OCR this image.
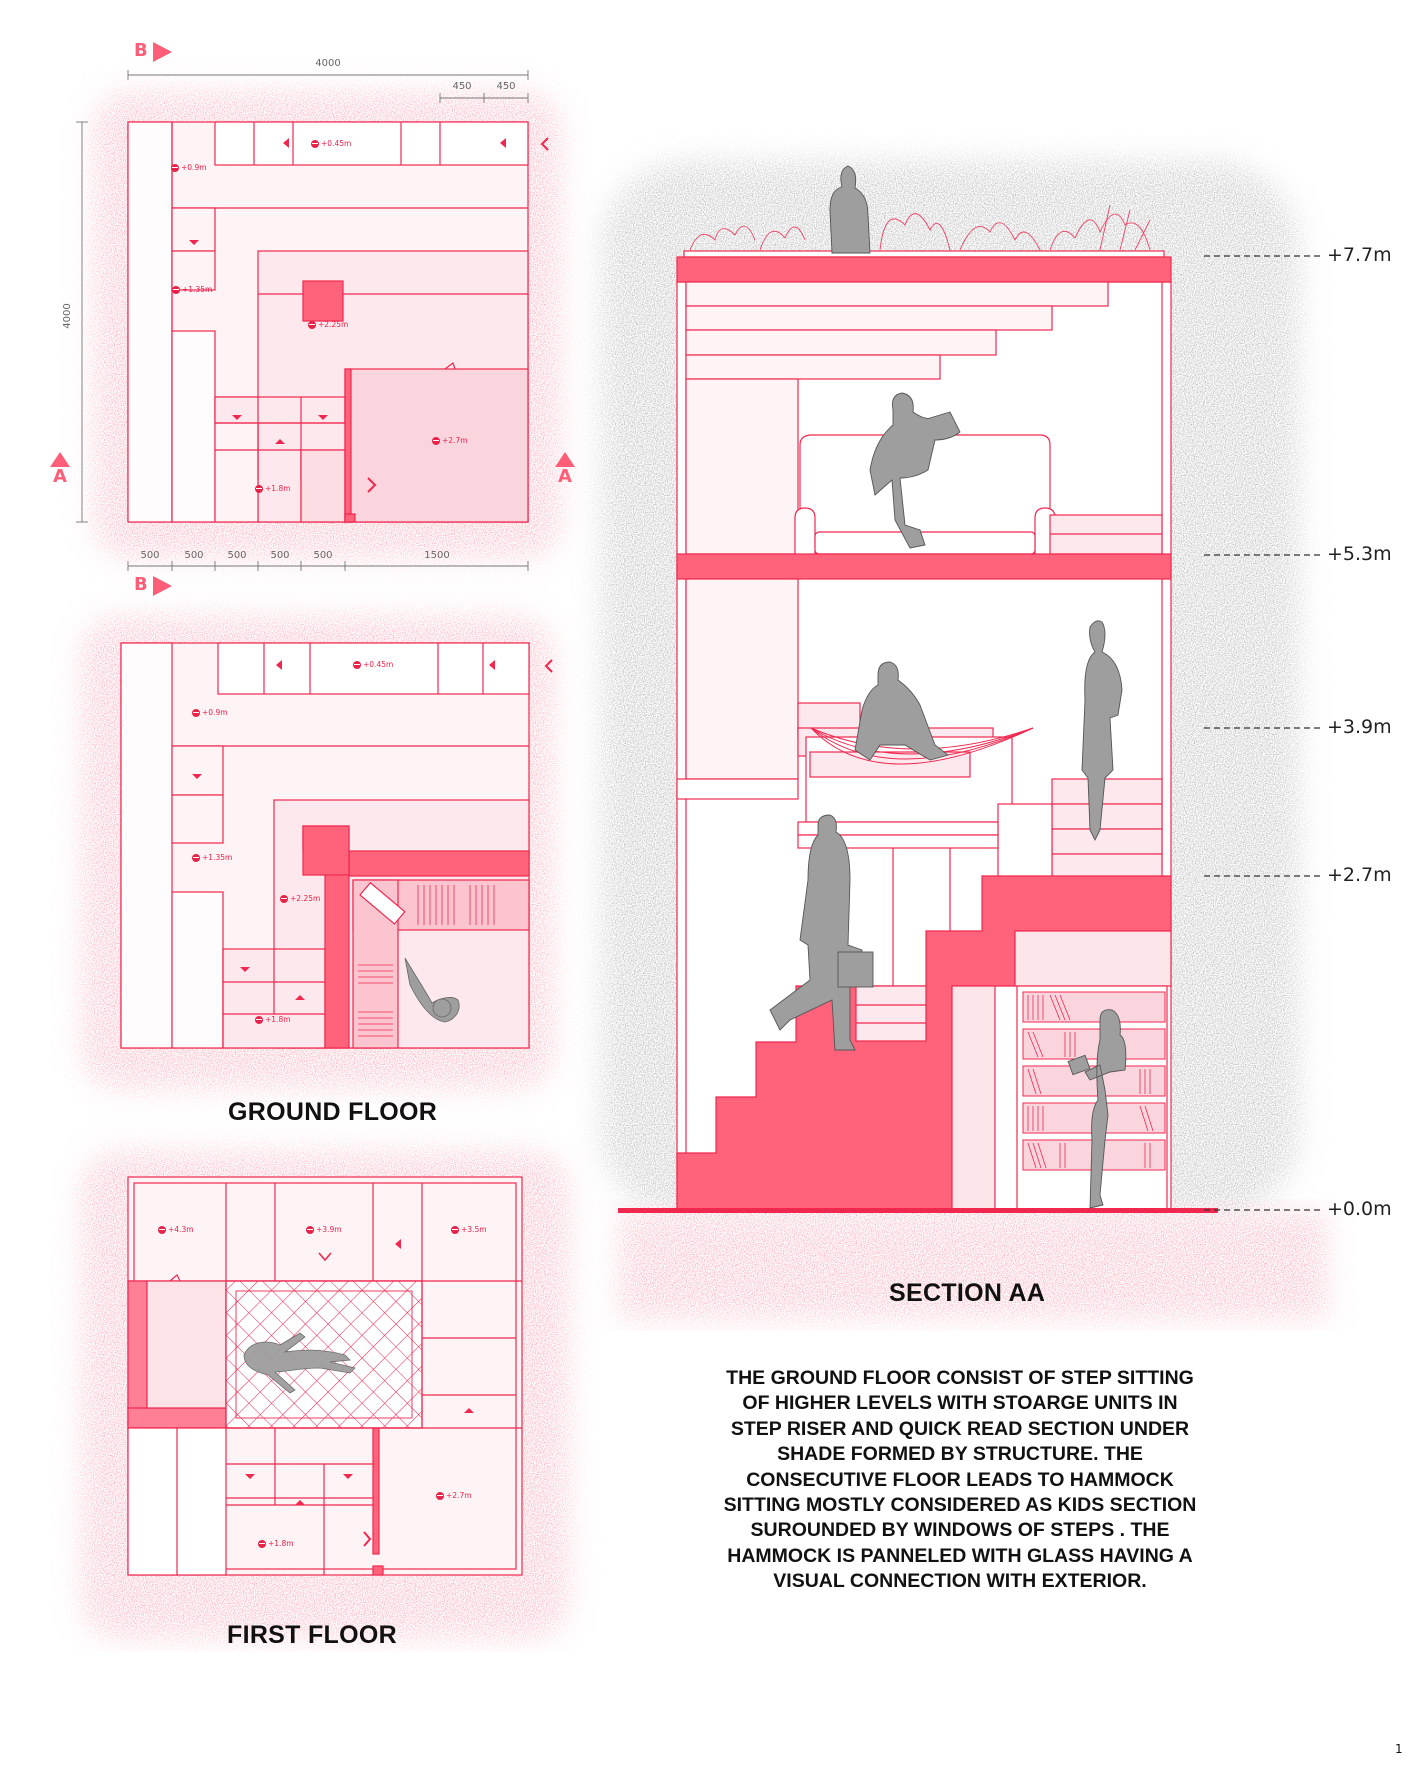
B
B
A	A
4000
450 450
4000
500 500 500 500 500	1500
+0.45m
+0.9m
+1.35m
+2.25m
+2.7m
+1.8m
+0.45m
+0.9m
+1.35m
+2.25m
+1.8m
+4.3m	+3.9m	+3.5m
+2.7m
+1.8m
GROUND FLOOR
FIRST FLOOR
SECTION AA
+7.7m
+5.3m
+3.9m
+2.7m
+0.0m
THE GROUND FLOOR CONSIST OF STEP SITTING
OF HIGHER LEVELS WITH STOARGE UNITS IN
STEP RISER AND QUICK READ SECTION UNDER
SHADE FORMED BY STRUCTURE. THE
CONSECUTIVE FLOOR LEADS TO HAMMOCK
SITTING MOSTLY CONSIDERED AS KIDS SECTION
SUROUNDED BY WINDOWS OF STEPS . THE
HAMMOCK IS PANNELED WITH GLASS HAVING A
VISUAL CONNECTION WITH EXTERIOR.
1
